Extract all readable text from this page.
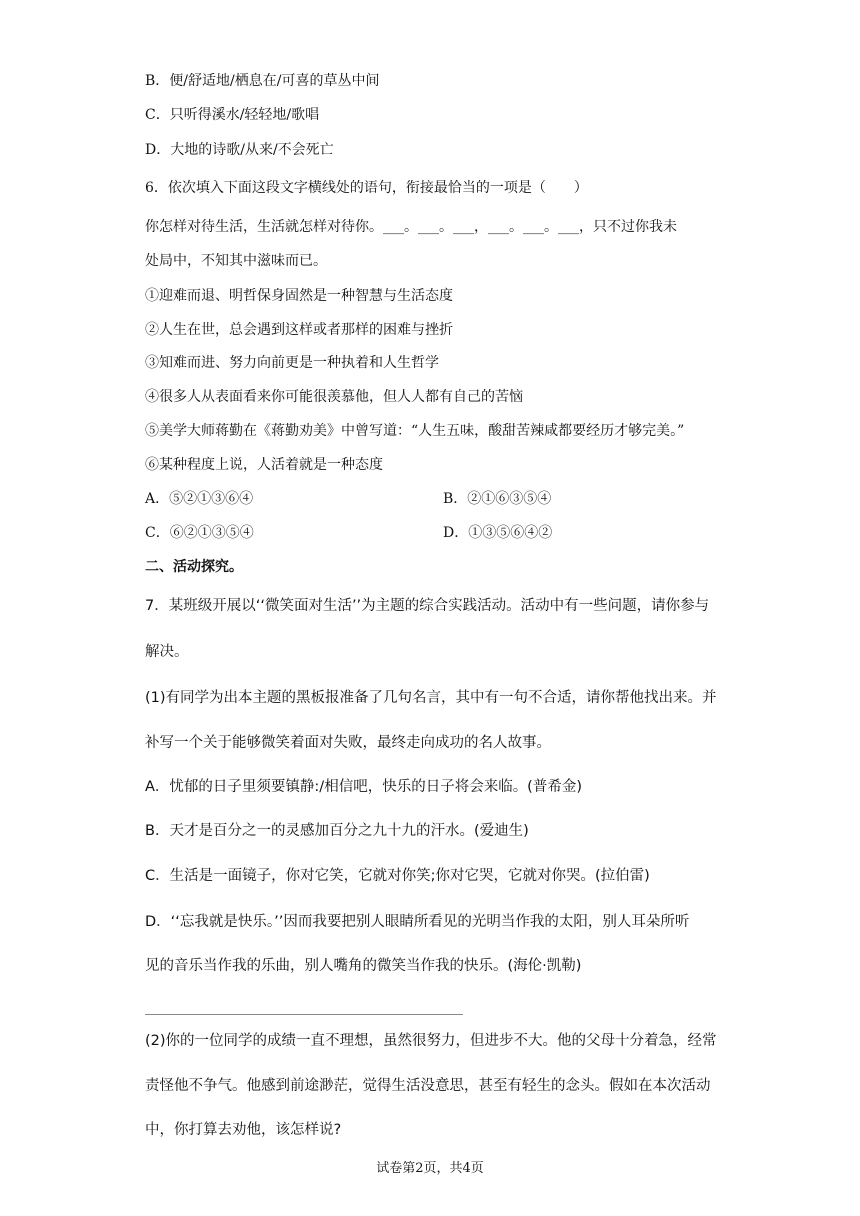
B．便/舒适地/栖息在/可喜的草丛中间
C．只听得溪水/轻轻地/歌唱
D．大地的诗歌/从来/不会死亡
6．依次填入下面这段文字横线处的语句，衔接最恰当的一项是（　　）
你怎样对待生活，生活就怎样对待你。___。___。___，___。___。___，只不过你我未
处局中，不知其中滋味而已。
①迎难而退、明哲保身固然是一种智慧与生活态度
②人生在世，总会遇到这样或者那样的困难与挫折
③知难而进、努力向前更是一种执着和人生哲学
④很多人从表面看来你可能很羡慕他，但人人都有自己的苦恼
⑤美学大师蒋勤在《蒋勤劝美》中曾写道：“人生五味，酸甜苦辣咸都要经历才够完美。”
⑥某种程度上说，人活着就是一种态度
A．⑤②①③⑥④	B．②①⑥③⑤④
C．⑥②①③⑤④	D．①③⑤⑥④②
二、活动探究。
7．某班级开展以‘‘微笑面对生活’’为主题的综合实践活动。活动中有一些问题，请你参与
解决。
(1)有同学为出本主题的黑板报准备了几句名言，其中有一句不合适，请你帮他找出来。并
补写一个关于能够微笑着面对失败，最终走向成功的名人故事。
A．忧郁的日子里须要镇静:/相信吧，快乐的日子将会来临。(普希金)
B．天才是百分之一的灵感加百分之九十九的汗水。(爱迪生)
C．生活是一面镜子，你对它笑，它就对你笑;你对它哭，它就对你哭。(拉伯雷)
D．‘‘忘我就是快乐。’’因而我要把别人眼睛所看见的光明当作我的太阳，别人耳朵所听
见的音乐当作我的乐曲，别人嘴角的微笑当作我的快乐。(海伦·凯勒)
(2)你的一位同学的成绩一直不理想，虽然很努力，但进步不大。他的父母十分着急，经常
责怪他不争气。他感到前途渺茫，觉得生活没意思，甚至有轻生的念头。假如在本次活动
中，你打算去劝他，该怎样说?
试卷第2页，共4页
